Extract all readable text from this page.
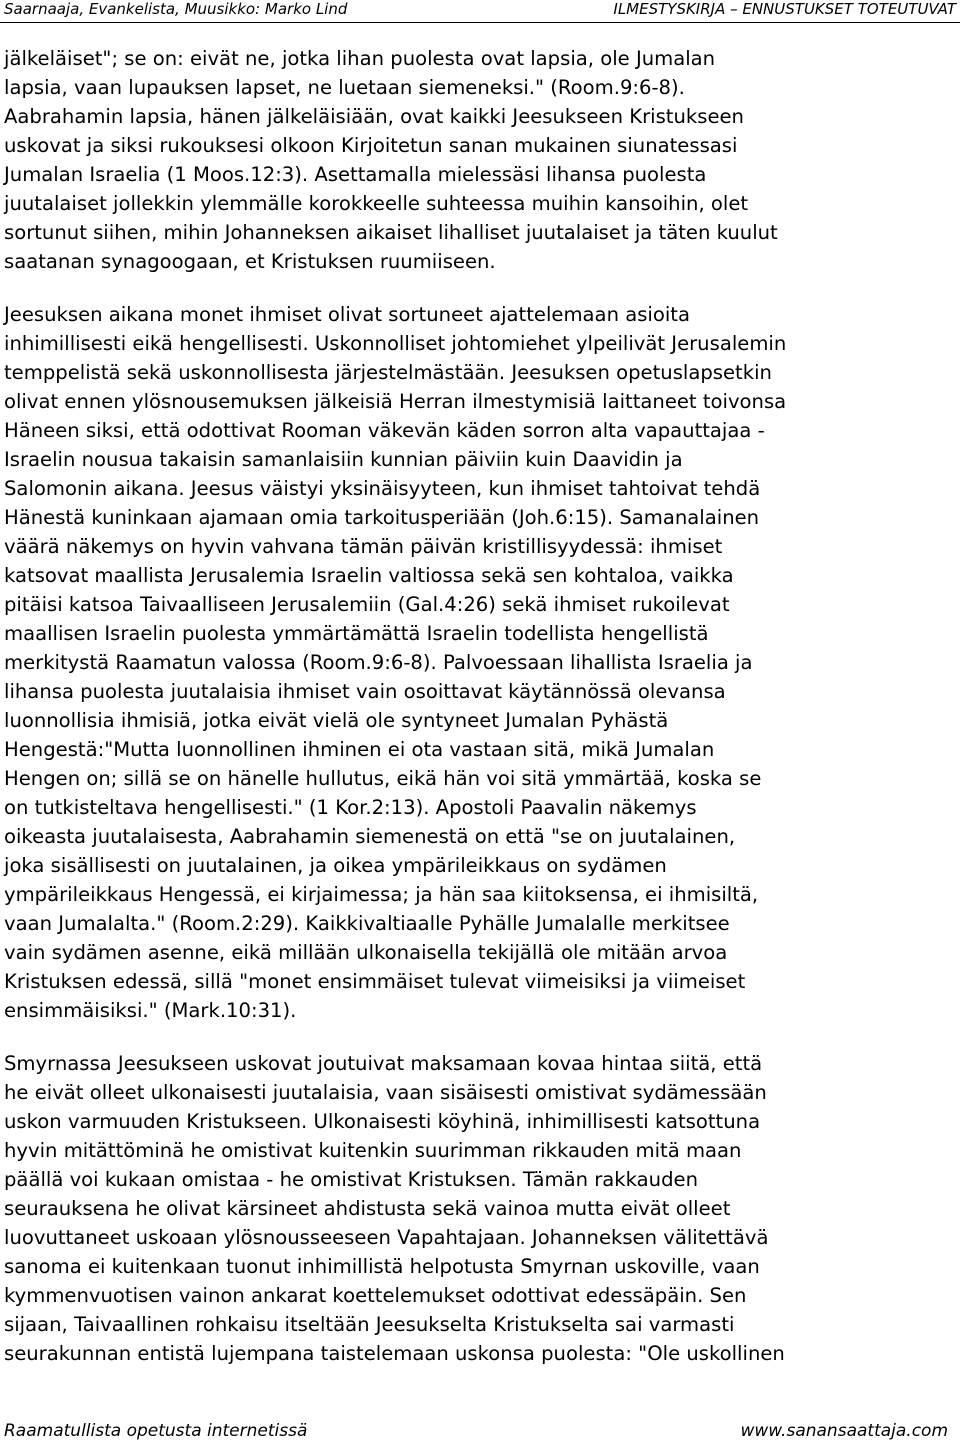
Saarnaaja, Evankelista, Muusikko: Marko Lind	ILMESTYSKIRJA – ENNUSTUKSET TOTEUTUVAT

jälkeläiset"; se on: eivät ne, jotka lihan puolesta ovat lapsia, ole Jumalan
lapsia, vaan lupauksen lapset, ne luetaan siemeneksi." (Room.9:6-8).
Aabrahamin lapsia, hänen jälkeläisiään, ovat kaikki Jeesukseen Kristukseen
uskovat ja siksi rukouksesi olkoon Kirjoitetun sanan mukainen siunatessasi
Jumalan Israelia (1 Moos.12:3). Asettamalla mielessäsi lihansa puolesta
juutalaiset jollekkin ylemmälle korokkeelle suhteessa muihin kansoihin, olet
sortunut siihen, mihin Johanneksen aikaiset lihalliset juutalaiset ja täten kuulut
saatanan synagoogaan, et Kristuksen ruumiiseen.

Jeesuksen aikana monet ihmiset olivat sortuneet ajattelemaan asioita
inhimillisesti eikä hengellisesti. Uskonnolliset johtomiehet ylpeilivät Jerusalemin
temppelistä sekä uskonnollisesta järjestelmästään. Jeesuksen opetuslapsetkin
olivat ennen ylösnousemuksen jälkeisiä Herran ilmestymisiä laittaneet toivonsa
Häneen siksi, että odottivat Rooman väkevän käden sorron alta vapauttajaa -
Israelin nousua takaisin samanlaisiin kunnian päiviin kuin Daavidin ja
Salomonin aikana. Jeesus väistyi yksinäisyyteen, kun ihmiset tahtoivat tehdä
Hänestä kuninkaan ajamaan omia tarkoitusperiään (Joh.6:15). Samanalainen
väärä näkemys on hyvin vahvana tämän päivän kristillisyydessä: ihmiset
katsovat maallista Jerusalemia Israelin valtiossa sekä sen kohtaloa, vaikka
pitäisi katsoa Taivaalliseen Jerusalemiin (Gal.4:26) sekä ihmiset rukoilevat
maallisen Israelin puolesta ymmärtämättä Israelin todellista hengellistä
merkitystä Raamatun valossa (Room.9:6-8). Palvoessaan lihallista Israelia ja
lihansa puolesta juutalaisia ihmiset vain osoittavat käytännössä olevansa
luonnollisia ihmisiä, jotka eivät vielä ole syntyneet Jumalan Pyhästä
Hengestä:"Mutta luonnollinen ihminen ei ota vastaan sitä, mikä Jumalan
Hengen on; sillä se on hänelle hullutus, eikä hän voi sitä ymmärtää, koska se
on tutkisteltava hengellisesti." (1 Kor.2:13). Apostoli Paavalin näkemys
oikeasta juutalaisesta, Aabrahamin siemenestä on että "se on juutalainen,
joka sisällisesti on juutalainen, ja oikea ympärileikkaus on sydämen
ympärileikkaus Hengessä, ei kirjaimessa; ja hän saa kiitoksensa, ei ihmisiltä,
vaan Jumalalta." (Room.2:29). Kaikkivaltiaalle Pyhälle Jumalalle merkitsee
vain sydämen asenne, eikä millään ulkonaisella tekijällä ole mitään arvoa
Kristuksen edessä, sillä "monet ensimmäiset tulevat viimeisiksi ja viimeiset
ensimmäisiksi." (Mark.10:31).

Smyrnassa Jeesukseen uskovat joutuivat maksamaan kovaa hintaa siitä, että
he eivät olleet ulkonaisesti juutalaisia, vaan sisäisesti omistivat sydämessään
uskon varmuuden Kristukseen. Ulkonaisesti köyhinä, inhimillisesti katsottuna
hyvin mitättöminä he omistivat kuitenkin suurimman rikkauden mitä maan
päällä voi kukaan omistaa - he omistivat Kristuksen. Tämän rakkauden
seurauksena he olivat kärsineet ahdistusta sekä vainoa mutta eivät olleet
luovuttaneet uskoaan ylösnousseeseen Vapahtajaan. Johanneksen välitettävä
sanoma ei kuitenkaan tuonut inhimillistä helpotusta Smyrnan uskoville, vaan
kymmenvuotisen vainon ankarat koettelemukset odottivat edessäpäin. Sen
sijaan, Taivaallinen rohkaisu itseltään Jeesukselta Kristukselta sai varmasti
seurakunnan entistä lujempana taistelemaan uskonsa puolesta: "Ole uskollinen

Raamatullista opetusta internetissä	www.sanansaattaja.com
